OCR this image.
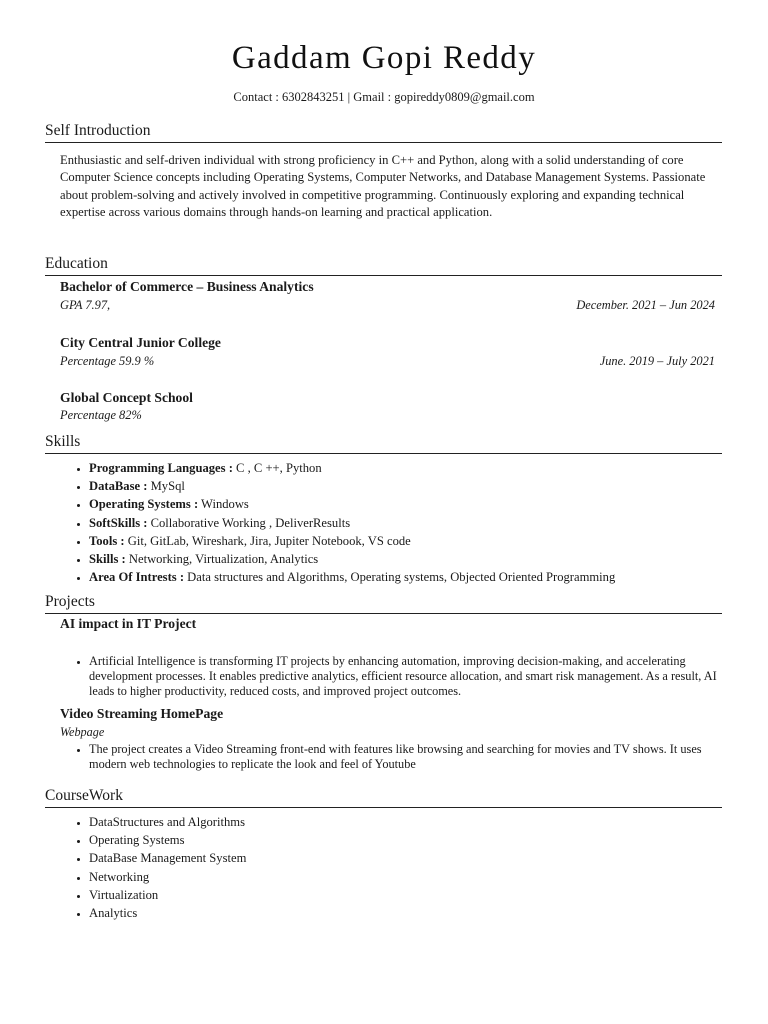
Gaddam Gopi Reddy
Contact : 6302843251 | Gmail : gopireddy0809@gmail.com
Self Introduction
Enthusiastic and self-driven individual with strong proficiency in C++ and Python, along with a solid understanding of core Computer Science concepts including Operating Systems, Computer Networks, and Database Management Systems. Passionate about problem-solving and actively involved in competitive programming. Continuously exploring and expanding technical expertise across various domains through hands-on learning and practical application.
Education
Bachelor of Commerce – Business Analytics
GPA 7.97,	December. 2021 – Jun 2024
City Central Junior College
Percentage 59.9 %	June. 2019 – July 2021
Global Concept School
Percentage 82%
Skills
• Programming Languages : C , C ++, Python
• DataBase : MySql
• Operating Systems : Windows
• SoftSkills : Collaborative Working , DeliverResults
• Tools : Git, GitLab, Wireshark, Jira, Jupiter Notebook, VS code
• Skills : Networking, Virtualization, Analytics
• Area Of Intrests : Data structures and Algorithms, Operating systems, Objected Oriented Programming
Projects
AI impact in IT Project
• Artificial Intelligence is transforming IT projects by enhancing automation, improving decision-making, and accelerating development processes. It enables predictive analytics, efficient resource allocation, and smart risk management. As a result, AI leads to higher productivity, reduced costs, and improved project outcomes.
Video Streaming HomePage
Webpage
• The project creates a Video Streaming front-end with features like browsing and searching for movies and TV shows. It uses modern web technologies to replicate the look and feel of Youtube
CourseWork
• DataStructures and Algorithms
• Operating Systems
• DataBase Management System
• Networking
• Virtualization
• Analytics
